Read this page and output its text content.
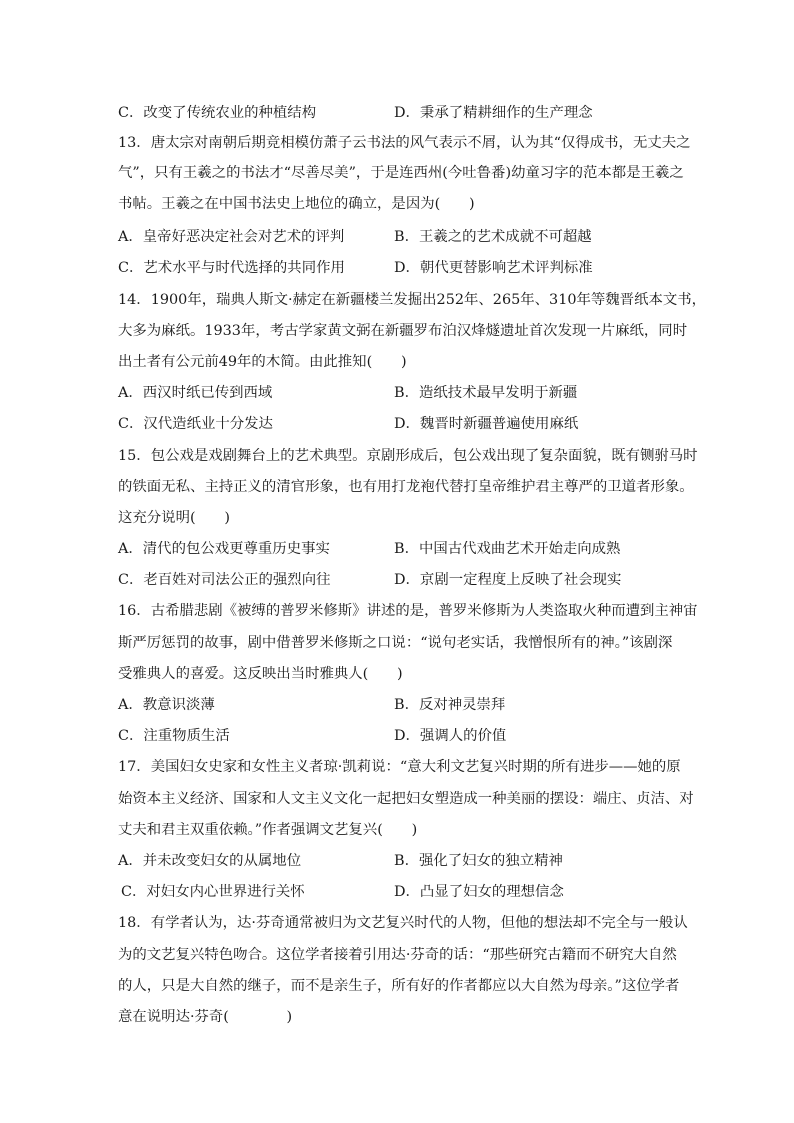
C．改变了传统农业的种植结构	D．秉承了精耕细作的生产理念
13．唐太宗对南朝后期竞相模仿萧子云书法的风气表示不屑，认为其“仅得成书，无丈夫之
气”，只有王羲之的书法才“尽善尽美”，于是连西州(今吐鲁番)幼童习字的范本都是王羲之
书帖。王羲之在中国书法史上地位的确立，是因为(　　)
A．皇帝好恶决定社会对艺术的评判	B．王羲之的艺术成就不可超越
C．艺术水平与时代选择的共同作用	D．朝代更替影响艺术评判标准
14．1900年，瑞典人斯文·赫定在新疆楼兰发掘出252年、265年、310年等魏晋纸本文书，
大多为麻纸。1933年，考古学家黄文弼在新疆罗布泊汉烽燧遗址首次发现一片麻纸，同时
出土者有公元前49年的木简。由此推知(　　)
A．西汉时纸已传到西域	B．造纸技术最早发明于新疆
C．汉代造纸业十分发达	D．魏晋时新疆普遍使用麻纸
15．包公戏是戏剧舞台上的艺术典型。京剧形成后，包公戏出现了复杂面貌，既有铡驸马时
的铁面无私、主持正义的清官形象，也有用打龙袍代替打皇帝维护君主尊严的卫道者形象。
这充分说明(　　)
A．清代的包公戏更尊重历史事实	B．中国古代戏曲艺术开始走向成熟
C．老百姓对司法公正的强烈向往	D．京剧一定程度上反映了社会现实
16．古希腊悲剧《被缚的普罗米修斯》讲述的是，普罗米修斯为人类盗取火种而遭到主神宙
斯严厉惩罚的故事，剧中借普罗米修斯之口说：“说句老实话，我憎恨所有的神。”该剧深
受雅典人的喜爱。这反映出当时雅典人(　　)
A．教意识淡薄	B．反对神灵崇拜
C．注重物质生活	D．强调人的价值
17．美国妇女史家和女性主义者琼·凯莉说：“意大利文艺复兴时期的所有进步——她的原
始资本主义经济、国家和人文主义文化一起把妇女塑造成一种美丽的摆设：端庄、贞洁、对
丈夫和君主双重依赖。”作者强调文艺复兴(　　)
A．并未改变妇女的从属地位	B．强化了妇女的独立精神
C．对妇女内心世界进行关怀	D．凸显了妇女的理想信念
18．有学者认为，达·芬奇通常被归为文艺复兴时代的人物，但他的想法却不完全与一般认
为的文艺复兴特色吻合。这位学者接着引用达·芬奇的话：“那些研究古籍而不研究大自然
的人，只是大自然的继子，而不是亲生子，所有好的作者都应以大自然为母亲。”这位学者
意在说明达·芬奇(　　　　)
